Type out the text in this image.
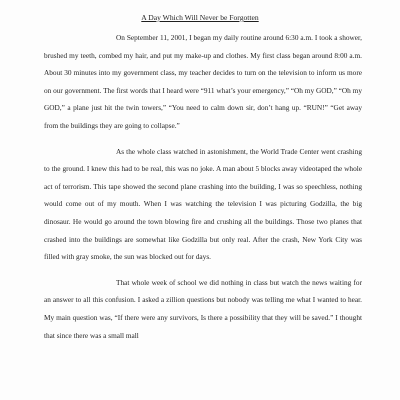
A Day Which Will Never be Forgotten

On September 11, 2001, I began my daily routine around 6:30 a.m. I took a shower, brushed my teeth, combed my hair, and put my make-up and clothes. My first class began around 8:00 a.m. About 30 minutes into my government class, my teacher decides to turn on the television to inform us more on our government. The first words that I heard were “911 what’s your emergency,” “Oh my GOD,” “Oh my GOD,” a plane just hit the twin towers,” “You need to calm down sir, don’t hang up. “RUN!” “Get away from the buildings they are going to collapse.”

As the whole class watched in astonishment, the World Trade Center went crashing to the ground. I knew this had to be real, this was no joke. A man about 5 blocks away videotaped the whole act of terrorism. This tape showed the second plane crashing into the building, I was so speechless, nothing would come out of my mouth. When I was watching the television I was picturing Godzilla, the big dinosaur. He would go around the town blowing fire and crushing all the buildings. Those two planes that crashed into the buildings are somewhat like Godzilla but only real. After the crash, New York City was filled with gray smoke, the sun was blocked out for days.

That whole week of school we did nothing in class but watch the news waiting for an answer to all this confusion. I asked a zillion questions but nobody was telling me what I wanted to hear. My main question was, “If there were any survivors, Is there a possibility that they will be saved.” I thought that since there was a small mall
